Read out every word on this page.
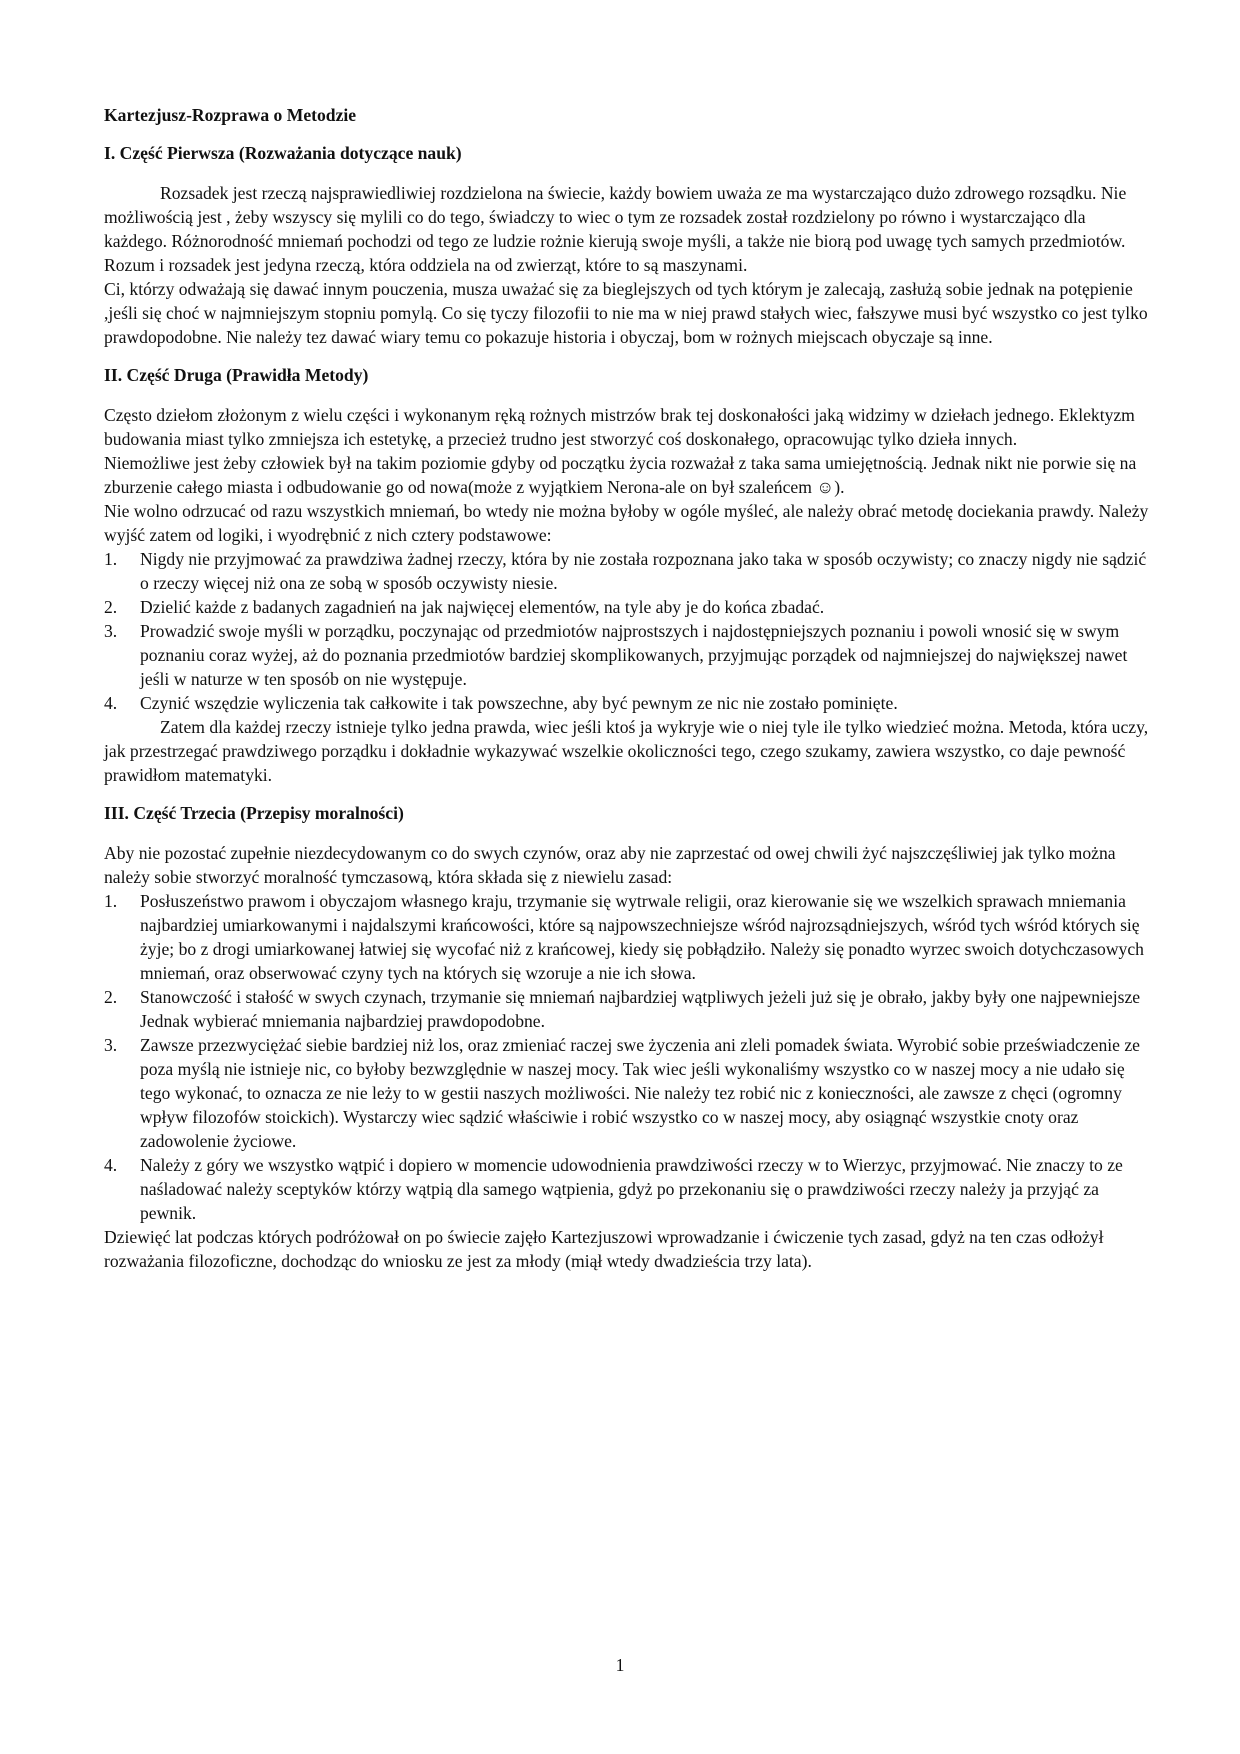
Kartezjusz-Rozprawa o Metodzie
I. Część Pierwsza (Rozważania dotyczące nauk)

Rozsadek jest rzeczą najsprawiedliwiej rozdzielona na świecie, każdy bowiem uważa ze ma wystarczająco dużo zdrowego rozsądku. Nie możliwością jest , żeby wszyscy się mylili co do tego, świadczy to wiec o tym ze rozsadek został rozdzielony po równo i wystarczająco dla każdego. Różnorodność mniemań pochodzi od tego ze ludzie rożnie kierują swoje myśli, a także nie biorą pod uwagę tych samych przedmiotów. Rozum i rozsadek jest jedyna rzeczą, która oddziela na od zwierząt, które to są maszynami.

Ci, którzy odważają się dawać innym pouczenia, musza uważać się za bieglejszych od tych którym je zalecają, zasłużą sobie jednak na potępienie ,jeśli się choć w najmniejszym stopniu pomylą. Co się tyczy filozofii to nie ma w niej prawd stałych wiec, fałszywe musi być wszystko co jest tylko prawdopodobne. Nie należy tez dawać wiary temu co pokazuje historia i obyczaj, bom w rożnych miejscach obyczaje są inne.

II. Część Druga (Prawidła Metody)

Często dziełom złożonym z wielu części i wykonanym ręką rożnych mistrzów brak tej doskonałości jaką widzimy w dziełach jednego. Eklektyzm budowania miast tylko zmniejsza ich estetykę, a przecież trudno jest stworzyć coś doskonałego, opracowując tylko dzieła innych.

Niemożliwe jest żeby człowiek był na takim poziomie gdyby od początku życia rozważał z taka sama umiejętnością. Jednak nikt nie porwie się na zburzenie całego miasta i odbudowanie go od nowa(może z wyjątkiem Nerona-ale on był szaleńcem ☺).

Nie wolno odrzucać od razu wszystkich mniemań, bo wtedy nie można byłoby w ogóle myśleć, ale należy obrać metodę dociekania prawdy. Należy wyjść zatem od logiki, i wyodrębnić z nich cztery podstawowe:

1. Nigdy nie przyjmować za prawdziwa żadnej rzeczy, która by nie została rozpoznana jako taka w sposób oczywisty; co znaczy nigdy nie sądzić o rzeczy więcej niż ona ze sobą w sposób oczywisty niesie.
2. Dzielić każde z badanych zagadnień na jak najwięcej elementów, na tyle aby je do końca zbadać.
3. Prowadzić swoje myśli w porządku, poczynając od przedmiotów najprostszych i najdostępniejszych poznaniu i powoli wnosić się w swym poznaniu coraz wyżej, aż do poznania przedmiotów bardziej skomplikowanych, przyjmując porządek od najmniejszej do największej nawet jeśli w naturze w ten sposób on nie występuje.
4. Czynić wszędzie wyliczenia tak całkowite i tak powszechne, aby być pewnym ze nic nie zostało pominięte.

Zatem dla każdej rzeczy istnieje tylko jedna prawda, wiec jeśli ktoś ja wykryje wie o niej tyle ile tylko wiedzieć można. Metoda, która uczy, jak przestrzegać prawdziwego porządku i dokładnie wykazywać wszelkie okoliczności tego, czego szukamy, zawiera wszystko, co daje pewność prawidłom matematyki.

III. Część Trzecia (Przepisy moralności)

Aby nie pozostać zupełnie niezdecydowanym co do swych czynów, oraz aby nie zaprzestać od owej chwili żyć najszczęśliwiej jak tylko można należy sobie stworzyć moralność tymczasową, która składa się z niewielu zasad:

1. Posłuszeństwo prawom i obyczajom własnego kraju, trzymanie się wytrwale religii, oraz kierowanie się we wszelkich sprawach mniemania najbardziej umiarkowanymi i najdalszymi krańcowości, które są najpowszechniejsze wśród najrozsądniejszych, wśród tych wśród których się żyje; bo z drogi umiarkowanej łatwiej się wycofać niż z krańcowej, kiedy się pobłądziło. Należy się ponadto wyrzec swoich dotychczasowych mniemań, oraz obserwować czyny tych na których się wzoruje a nie ich słowa.
2. Stanowczość i stałość w swych czynach, trzymanie się mniemań najbardziej wątpliwych jeżeli już się je obrało, jakby były one najpewniejsze Jednak wybierać mniemania najbardziej prawdopodobne.
3. Zawsze przezwyciężać siebie bardziej niż los, oraz zmieniać raczej swe życzenia ani zleli pomadek świata. Wyrobić sobie przeświadczenie ze poza myślą nie istnieje nic, co byłoby bezwzględnie w naszej mocy. Tak wiec jeśli wykonaliśmy wszystko co w naszej mocy a nie udało się tego wykonać, to oznacza ze nie leży to w gestii naszych możliwości. Nie należy tez robić nic z konieczności, ale zawsze z chęci (ogromny wpływ filozofów stoickich). Wystarczy wiec sądzić właściwie i robić wszystko co w naszej mocy, aby osiągnąć wszystkie cnoty oraz zadowolenie życiowe.
4. Należy z góry we wszystko wątpić i dopiero w momencie udowodnienia prawdziwości rzeczy w to Wierzyc, przyjmować. Nie znaczy to ze naśladować należy sceptyków którzy wątpią dla samego wątpienia, gdyż po przekonaniu się o prawdziwości rzeczy należy ja przyjąć za pewnik.

Dziewięć lat podczas których podróżował on po świecie zajęło Kartezjuszowi wprowadzanie i ćwiczenie tych zasad, gdyż na ten czas odłożył rozważania filozoficzne, dochodząc do wniosku ze jest za młody (miął wtedy dwadzieścia trzy lata).

1
